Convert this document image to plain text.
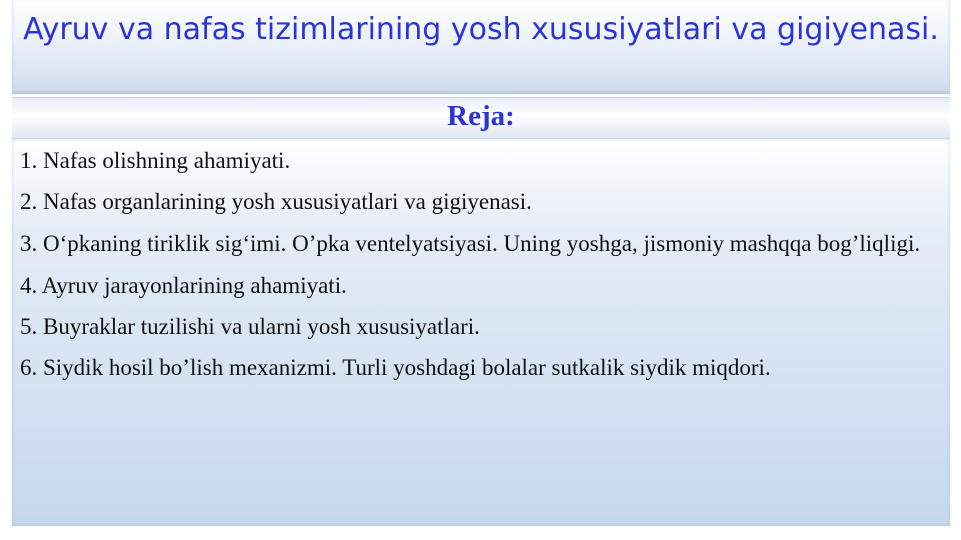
Ayruv va nafas tizimlarining yosh xususiyatlari va gigiyenasi.
Reja:
1. Nafas olishning ahamiyati.
2. Nafas organlarining yosh xususiyatlari va gigiyenasi.
3. O‘pkaning tiriklik sig‘imi. O’pka ventelyatsiyasi. Uning yoshga, jismoniy mashqqa bog’liqligi.
4. Ayruv jarayonlarining ahamiyati.
5. Buyraklar tuzilishi va ularni yosh xususiyatlari.
6. Siydik hosil bo’lish mexanizmi. Turli yoshdagi bolalar sutkalik siydik miqdori.
